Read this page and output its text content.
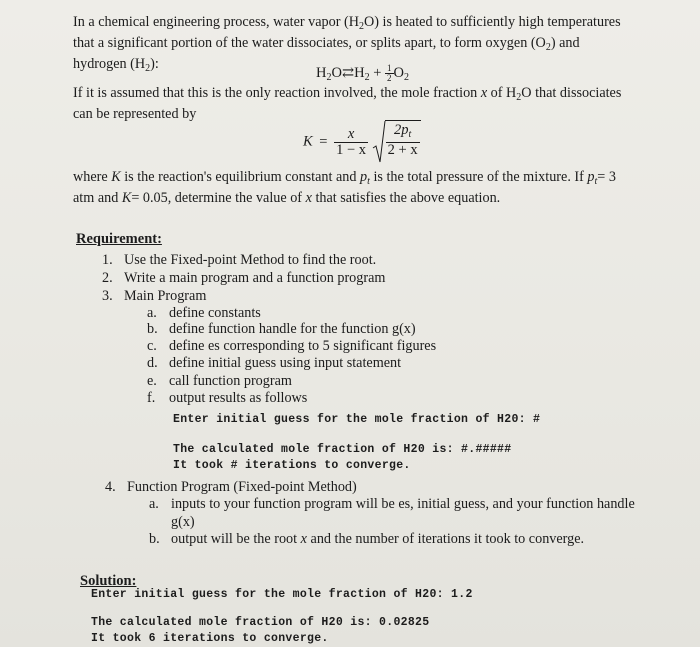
In a chemical engineering process, water vapor $(H_2O)$ is heated to sufficiently high temperatures
that a significant portion of the water dissociates, or splits apart, to form oxygen $(O_2)$ and
hydrogen $(H_2)$:
$H_2O⇄H_2 + \frac{1}{2} O_2$
If it is assumed that this is the only reaction involved, the mole fraction x of $H_2O$ that dissociates
can be represented by
$K = \frac{x}{1 - x}$
$\frac{2p_t}{2 + x}$
where K is the reaction's equilibrium constant and $p_t$ is the total pressure of the mixture. If $p_t= 3$
atm and K= 0.05, determine the value of x that satisfies the above equation.
Requirement:
1. Use the Fixed-point Method to find the root.
2. Write a main program and a function program
3. Main Program
a. define constants
b. define function handle for the function g(x)
c. define es corresponding to 5 significant figures
d. define initial guess using input statement
e. call function program
f. output results as follows
Enter initial guess for the mole fraction of H20: #
The calculated mole fraction of H20 is: #.#####
It took # iterations to converge.
4. Function Program (Fixed-point Method)
a. inputs to your function program will be es, initial guess, and your function handle
g(x)
b. output will be the root x and the number of iterations it took to converge.
Solution:
Enter initial guess for the mole fraction of H20: 1.2
The calculated mole fraction of H20 is: 0.02825
It took 6 iterations to converge.
